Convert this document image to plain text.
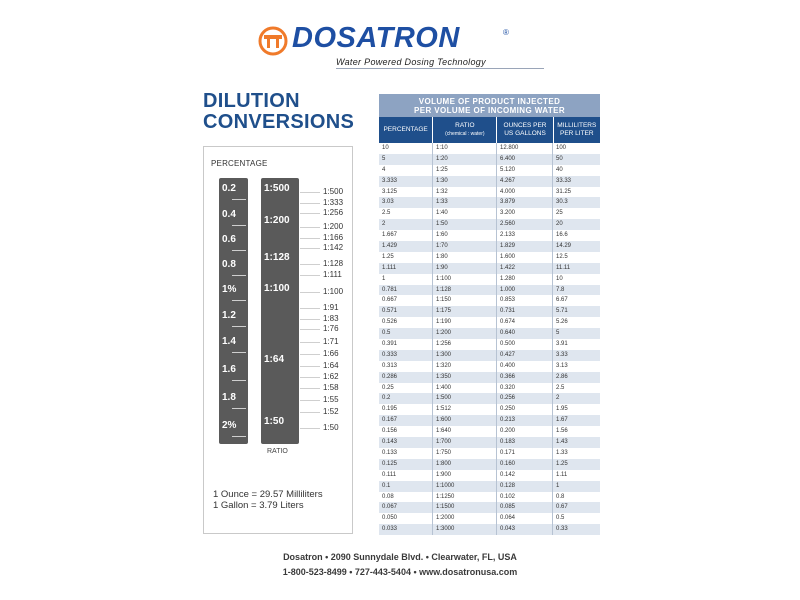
DOSATRON	®
Water Powered Dosing Technology
DILUTION
CONVERSIONS
PERCENTAGE
0.2
0.4
0.6
0.8
1%
1.2
1.4
1.6
1.8
2%
1:500
1:200
1:128
1:100
1:64
1:50
1:500
1:333
1:256
1:200
1:166
1:142
1:128
1:111
1:100
1:91
1:83
1:76
1:71
1:66
1:64
1:62
1:58
1:55
1:52
1:50
RATIO
1 Ounce = 29.57 Milliliters
1 Gallon = 3.79 Liters
VOLUME OF PRODUCT INJECTED
PER VOLUME OF INCOMING WATER
PERCENTAGE
RATIO
(chemical : water)
OUNCES PER
US GALLONS
MILLILITERS
PER LITER
10	1:10	12.800	100
5	1:20	6.400	50
4	1:25	5.120	40
3.333	1:30	4.267	33.33
3.125	1:32	4.000	31.25
3.03	1:33	3.879	30.3
2.5	1:40	3.200	25
2	1:50	2.560	20
1.667	1:60	2.133	16.6
1.429	1:70	1.829	14.29
1.25	1:80	1.600	12.5
1.111	1:90	1.422	11.11
1	1:100	1.280	10
0.781	1:128	1.000	7.8
0.667	1:150	0.853	6.67
0.571	1:175	0.731	5.71
0.526	1:190	0.674	5.26
0.5	1:200	0.640	5
0.391	1:256	0.500	3.91
0.333	1:300	0.427	3.33
0.313	1:320	0.400	3.13
0.286	1:350	0.366	2.86
0.25	1:400	0.320	2.5
0.2	1:500	0.256	2
0.195	1:512	0.250	1.95
0.167	1:600	0.213	1.67
0.156	1:640	0.200	1.56
0.143	1:700	0.183	1.43
0.133	1:750	0.171	1.33
0.125	1:800	0.160	1.25
0.111	1:900	0.142	1.11
0.1	1:1000	0.128	1
0.08	1:1250	0.102	0.8
0.067	1:1500	0.085	0.67
0.050	1:2000	0.064	0.5
0.033	1:3000	0.043	0.33
Dosatron • 2090 Sunnydale Blvd. • Clearwater, FL, USA
1-800-523-8499 • 727-443-5404 • www.dosatronusa.com
